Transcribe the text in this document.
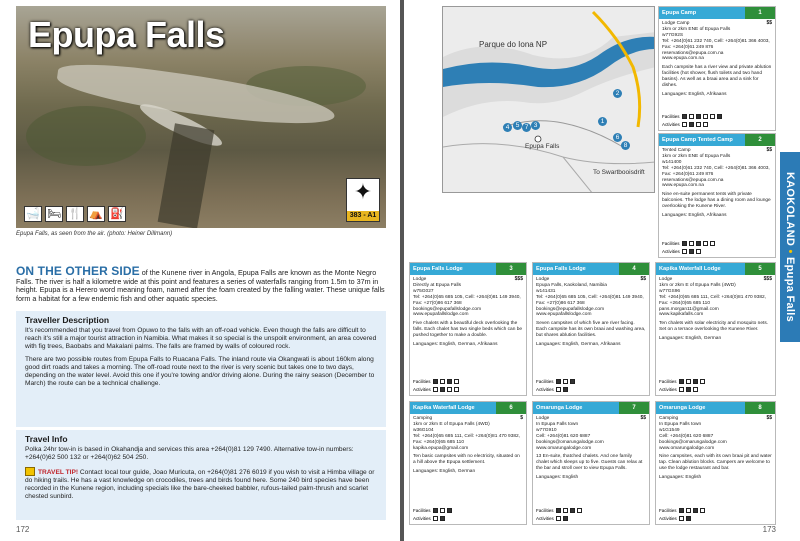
Epupa Falls
🛁 🛏 🍴 ⛺ ⛽
✦
383 - A1
Epupa Falls, as seen from the air. (photo: Heiner Dillmann)
ON THE OTHER SIDE of the Kunene river in Angola, Epupa Falls are known as the Monte Negro Falls. The river is half a kilometre wide at this point and features a series of waterfalls ranging from 1.5m to 37m in height. Epupa is a Herero word meaning foam, named after the foam created by the falling water. These unique falls form a habitat for a few endemic fish and other aquatic species.
Traveller Description

It's recommended that you travel from Opuwo to the falls with an off-road vehicle. Even though the falls are difficult to reach it's still a major tourist attraction in Namibia. What makes it so special is the unspoilt environment, an area covered with fig trees, Baobabs and Makalani palms. The falls are framed by walls of coloured rock.

There are two possible routes from Epupa Falls to Ruacana Falls. The inland route via Okangwati is about 160km along good dirt roads and takes a morning. The off-road route next to the river is very scenic but takes one to two days, depending on the water level. Avoid this one if you're towing and/or driving alone. During the rainy season (December to March) the route can be a technical challenge.

Travel Info

Polka 24hr tow-in is based in Okahandja and services this area +264(0)81 129 7490. Alternative tow-in numbers: +264(0)62 500 132 or +264(0)62 504 250.

TRAVEL TIP! Contact local tour guide, Joao Muricuta, on +264(0)81 276 6019 if you wish to visit a Himba village or do hiking trails. He has a vast knowledge on crocodiles, trees and birds found here. Some 240 bird species have been recorded in the Kunene region, including specials like the bare-cheeked babbler, rufous-tailed palm-thrush and scarlet chested sunbird.

172
Parque do Iona NP
Epupa Falls
To Swartbooisdrift
1
2
3
4 5
6
7
8
Epupa Camp	1
Lodge Camp	$$
1km or 2km ENE of Epupa Falls
w77G92S
Tel: +264(0)61 232 740, Cell: +264(0)81 366 4003, Fax: +264(0)61 249 876
reservations@epupa.com.na
www.epupa.com.na
Each campsite has a river view and private ablution facilities (hot shower, flush toilets and two hand basins). As well as a braai area and a sink for dishes.
Languages: English, Afrikaans
Facilities
Activities
Epupa Camp Tented Camp	2
Tented Camp	$$
1km or 2km ENE of Epupa Falls
w141400
Tel: +264(0)61 232 740, Cell: +264(0)81 366 4003, Fax: +264(0)61 249 876
reservations@epupa.com.na
www.epupa.com.na
Nine en-suite permanent tents with private balconies. The lodge has a dining room and lounge overlooking the Kunene River.
Languages: English, Afrikaans
Facilities
Activities
Epupa Falls Lodge	3
Lodge	$$$
Directly at Epupa Falls
w75G027
Tel: +264(0)65 685 105, Cell: +264(0)81 149 3940, Fax: +27(0)86 617 368
bookings@epupafallslodge.com
www.epupafallslodge.com
Five chalets with a beautiful deck overlooking the falls. Each chalet has two single beds which can be pushed together to make a double.
Languages: English, German, Afrikaans
Facilities
Activities
Epupa Falls Lodge	4
Lodge	$$
Epupa Falls, Kaokoland, Namibia
w141431
Tel: +264(0)65 685 105, Cell: +264(0)81 149 3940, Fax: +27(0)86 617 368
bookings@epupafallslodge.com
www.epupafallslodge.com
Seven campsites of which five are river facing. Each campsite has its own braai and washing area, but shares ablution facilities.
Languages: English, German, Afrikaans
Facilities
Activities
Kapika Waterfall Lodge	5
Lodge	$$$
1km or 2km E of Epupa Falls (4WD)
w77GS96
Tel: +264(0)65 685 111, Cell: +264(0)81 470 9382, Fax: +264(0)65 685 110
pans.morgan11@gmail.com
www.kapikafalls.com
Ten chalets with solar electricity and mosquito nets. Set on a terrace overlooking the Kunene River.
Languages: English, German
Facilities
Activities
Kapika Waterfall Lodge	6
Camping	$
1km or 2km E of Epupa Falls (4WD)
w36G104
Tel: +264(0)65 685 111, Cell: +264(0)81 470 9382, Fax: +264(0)65 685 110
kapika.epupa@gmail.com
Ten basic campsites with no electricity, situated on a hill above the Epupa settlement.
Languages: English, German
Facilities
Activities
Omarunga Lodge	7
Lodge	$$
In Epupa Falls town
w77G910
Cell: +264(0)81 620 6887
bookings@omarungalodge.com
www.omarungalodge.com
13 En-suite, thatched chalets. And one family chalet which sleeps up to five. Guests can relax at the bar and stroll over to view Epupa Falls.
Languages: English
Facilities
Activities
Omarunga Lodge	8
Camping	$$
In Epupa Falls town
w1G1549
Cell: +264(0)81 620 6887
bookings@omarungalodge.com
www.omarungalodge.com
Nine campsites, each with its own braai pit and water tap. Clean ablution blocks. Campers are welcome to use the lodge restaurant and bar.
Languages: English
Facilities
Activities
KAOKOLAND • Epupa Falls
173
